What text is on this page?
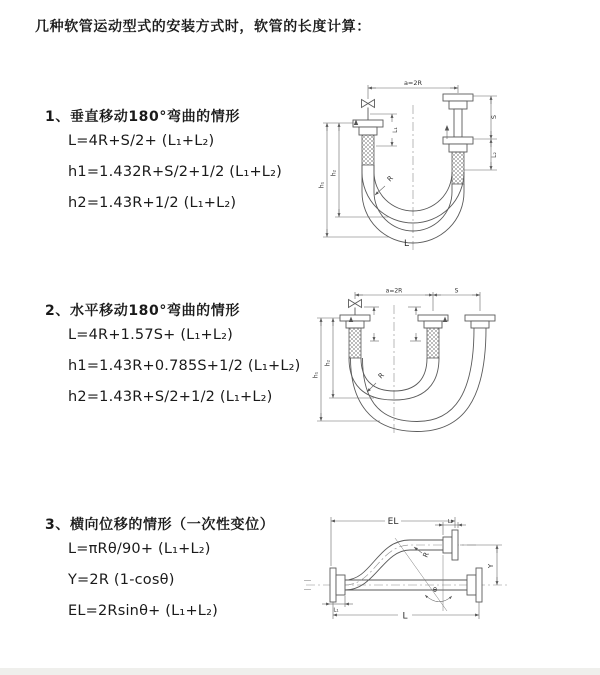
几种软管运动型式的安装方式时，软管的长度计算：
1、垂直移动180°弯曲的情形
L=4R+S/2+ (L₁+L₂)
h1=1.432R+S/2+1/2 (L₁+L₂)
h2=1.43R+1/2 (L₁+L₂)
2、水平移动180°弯曲的情形
L=4R+1.57S+ (L₁+L₂)
h1=1.43R+0.785S+1/2 (L₁+L₂)
h2=1.43R+S/2+1/2 (L₁+L₂)
3、横向位移的情形（一次性变位）
L=πRθ/90+ (L₁+L₂)
Y=2R (1-cosθ)
EL=2Rsinθ+ (L₁+L₂)
a=2R
L₁
S
L₂
h₁
h₂
R
L
a=2R	S
h₁
h₂
R
θ
EL	L₂
Y
L
L₁
R
